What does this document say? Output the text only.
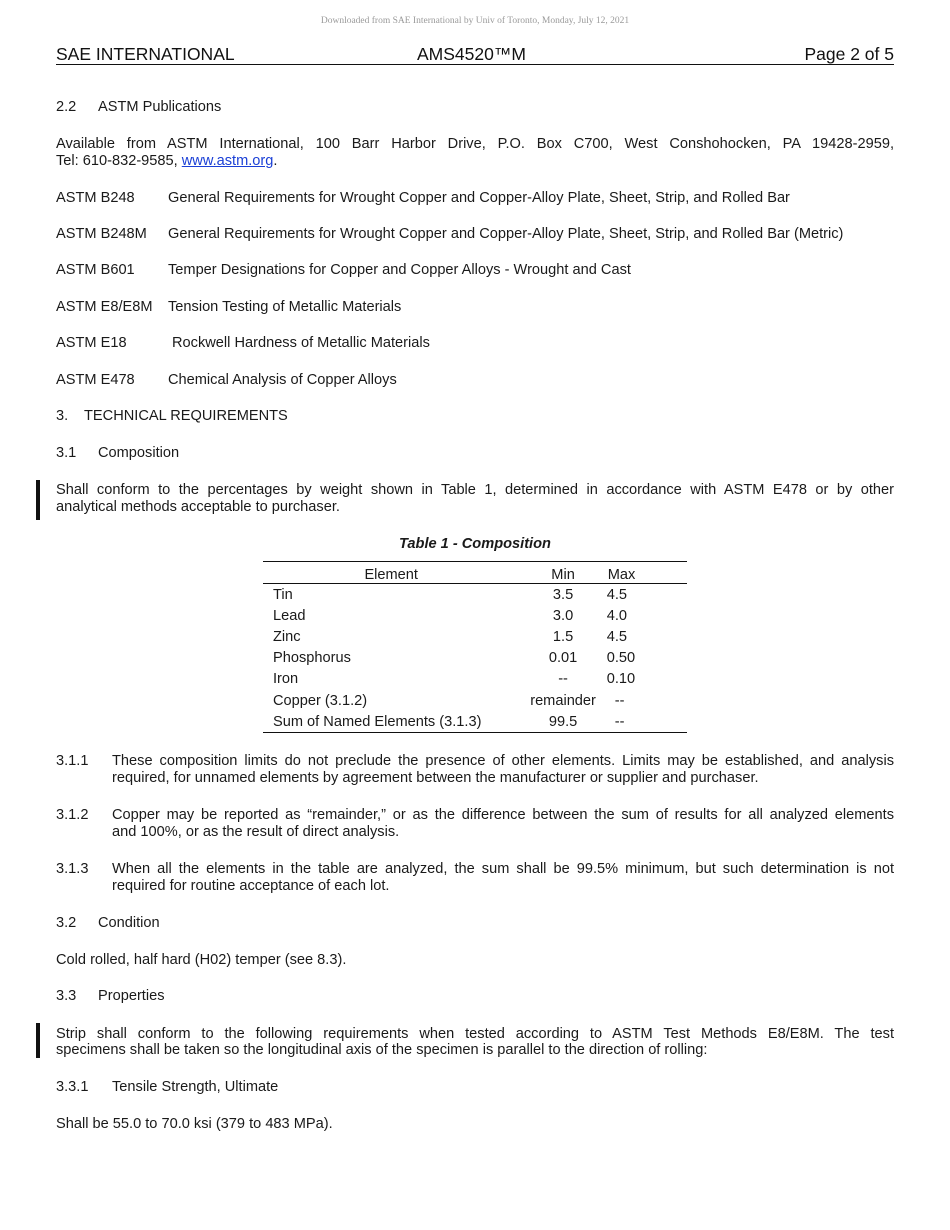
Downloaded from SAE International by Univ of Toronto, Monday, July 12, 2021
SAE INTERNATIONAL	AMS4520™M	Page 2 of 5
2.2 ASTM Publications
Available from ASTM International, 100 Barr Harbor Drive, P.O. Box C700, West Conshohocken, PA 19428-2959,
Tel: 610-832-9585, www.astm.org.
ASTM B248 General Requirements for Wrought Copper and Copper-Alloy Plate, Sheet, Strip, and Rolled Bar
ASTM B248M General Requirements for Wrought Copper and Copper-Alloy Plate, Sheet, Strip, and Rolled Bar (Metric)
ASTM B601 Temper Designations for Copper and Copper Alloys - Wrought and Cast
ASTM E8/E8M Tension Testing of Metallic Materials
ASTM E18	Rockwell Hardness of Metallic Materials
ASTM E478 Chemical Analysis of Copper Alloys
3. TECHNICAL REQUIREMENTS
3.1 Composition
Shall conform to the percentages by weight shown in Table 1, determined in accordance with ASTM E478 or by other
analytical methods acceptable to purchaser.
Table 1 - Composition
Element	Min	Max
Tin	3.5	4.5
Lead	3.0	4.0
Zinc	1.5	4.5
Phosphorus	0.01	0.50
Iron	--	0.10
Copper (3.1.2)	remainder	--
Sum of Named Elements (3.1.3)	99.5	--
3.1.1 These composition limits do not preclude the presence of other elements. Limits may be established, and analysis
required, for unnamed elements by agreement between the manufacturer or supplier and purchaser.
3.1.2 Copper may be reported as “remainder,” or as the difference between the sum of results for all analyzed elements
and 100%, or as the result of direct analysis.
3.1.3 When all the elements in the table are analyzed, the sum shall be 99.5% minimum, but such determination is not
required for routine acceptance of each lot.
3.2 Condition
Cold rolled, half hard (H02) temper (see 8.3).
3.3 Properties
Strip shall conform to the following requirements when tested according to ASTM Test Methods E8/E8M. The test
specimens shall be taken so the longitudinal axis of the specimen is parallel to the direction of rolling:
3.3.1 Tensile Strength, Ultimate
Shall be 55.0 to 70.0 ksi (379 to 483 MPa).
